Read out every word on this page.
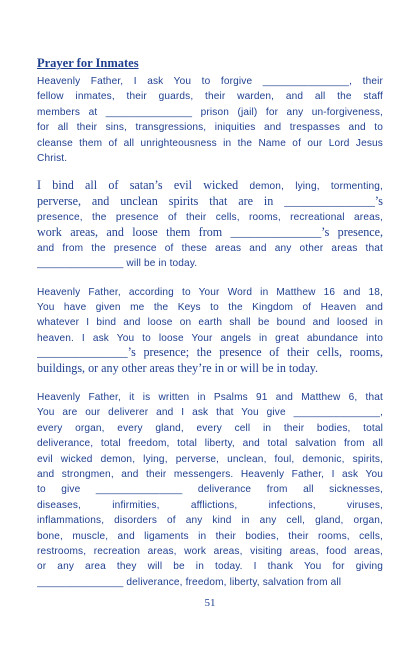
Prayer for Inmates
Heavenly Father, I ask You to forgive _______________, their
fellow inmates, their guards, their warden, and all the staff
members at _______________ prison (jail) for any un-forgiveness,
for all their sins, transgressions, iniquities and trespasses and to
cleanse them of all unrighteousness in the Name of our Lord Jesus
Christ.
I bind all of satan’s evil wicked demon, lying, tormenting,
perverse, and unclean spirits that are in _______________’s
presence, the presence of their cells, rooms, recreational areas,
work areas, and loose them from _______________’s presence,
and from the presence of these areas and any other areas that
_______________ will be in today.
Heavenly Father, according to Your Word in Matthew 16 and 18,
You have given me the Keys to the Kingdom of Heaven and
whatever I bind and loose on earth shall be bound and loosed in
heaven. I ask You to loose Your angels in great abundance into
_______________’s presence; the presence of their cells, rooms,
buildings, or any other areas they’re in or will be in today.
Heavenly Father, it is written in Psalms 91 and Matthew 6, that
You are our deliverer and I ask that You give _______________,
every organ, every gland, every cell in their bodies, total
deliverance, total freedom, total liberty, and total salvation from all
evil wicked demon, lying, perverse, unclean, foul, demonic, spirits,
and strongmen, and their messengers. Heavenly Father, I ask You
to give _______________ deliverance from all sicknesses,
diseases, infirmities, afflictions, infections, viruses,
inflammations, disorders of any kind in any cell, gland, organ,
bone, muscle, and ligaments in their bodies, their rooms, cells,
restrooms, recreation areas, work areas, visiting areas, food areas,
or any area they will be in today. I thank You for giving
_______________ deliverance, freedom, liberty, salvation from all
51
